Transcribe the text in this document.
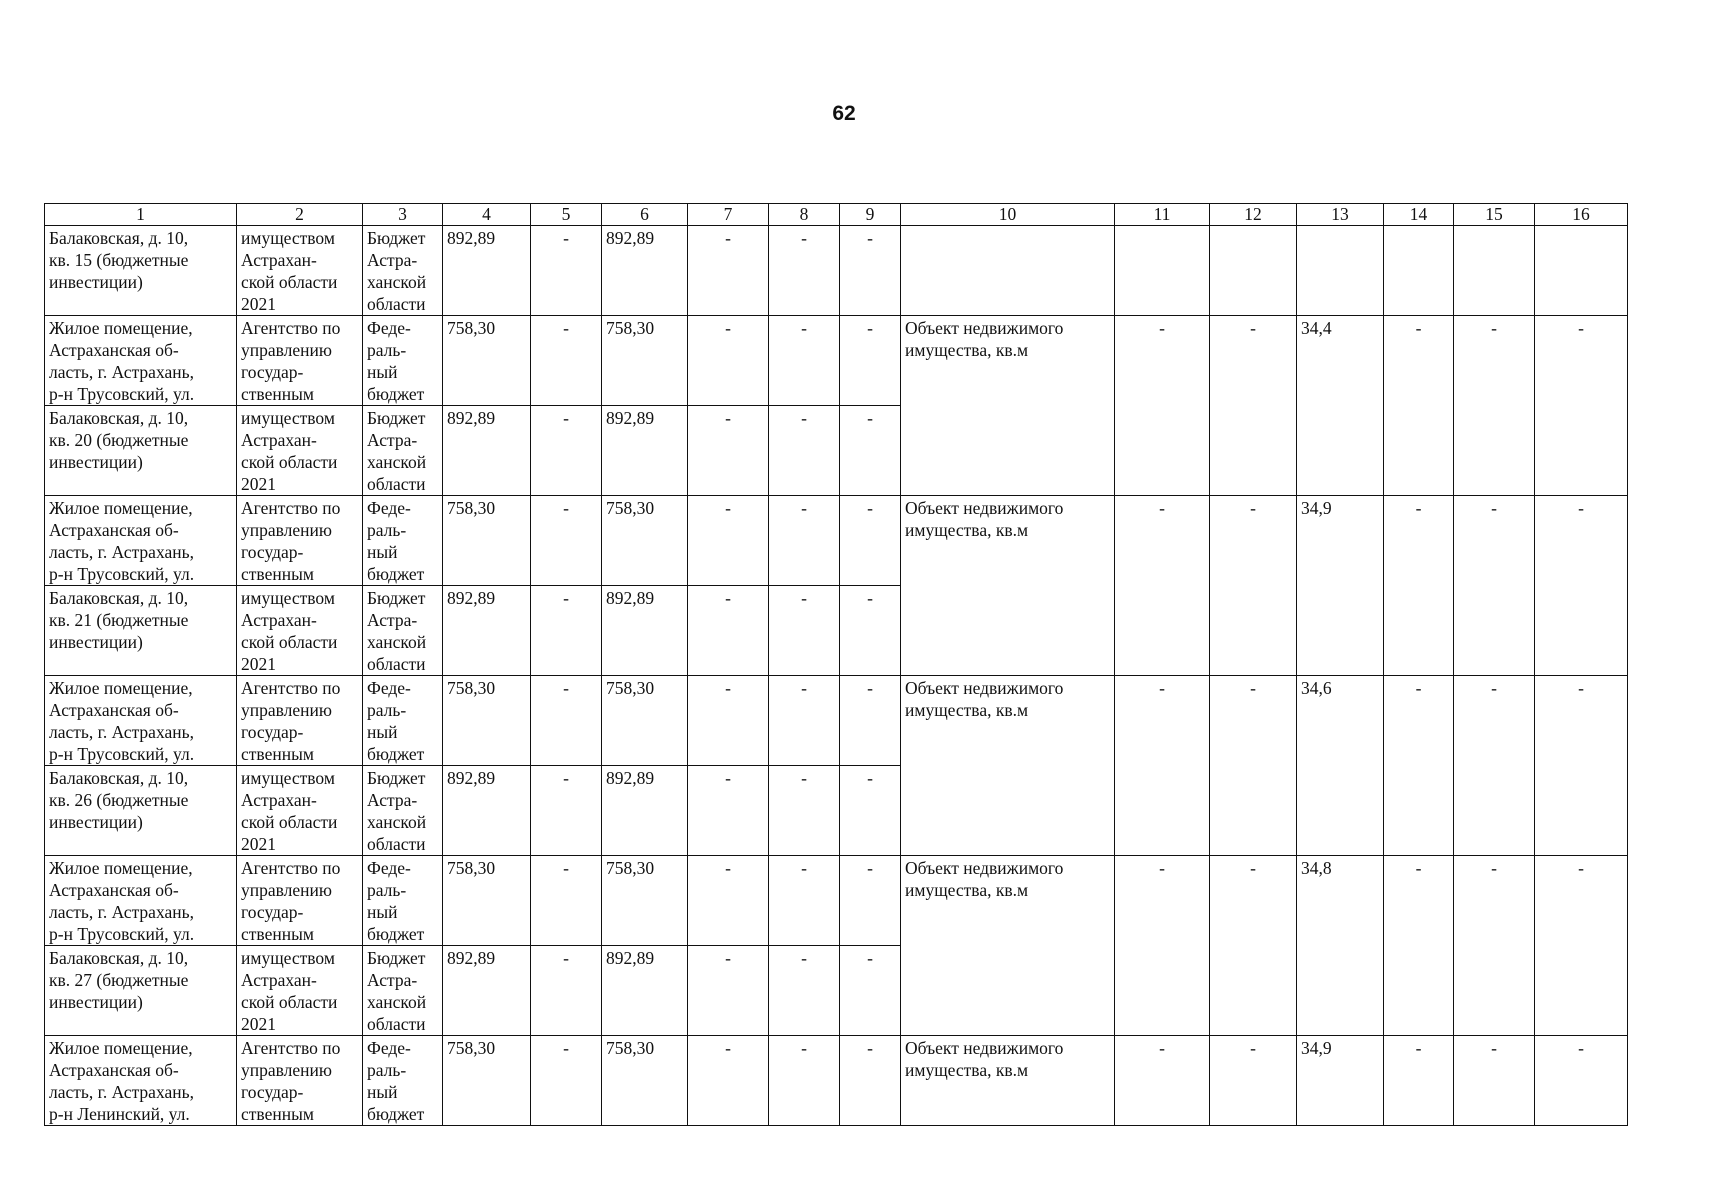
62
1	2	3	4	5	6	7	8	9	10	11	12	13	14	15	16
Балаковская, д. 10,
кв. 15 (бюджетные
инвестиции)	имуществом
Астрахан-
ской области
2021	Бюджет
Астра-
ханской
области	892,89	-	892,89	-	-	-							
Жилое помещение,
Астраханская об-
ласть, г. Астрахань,
р-н Трусовский, ул.	Агентство по
управлению
государ-
ственным	Феде-
раль-
ный
бюджет	758,30	-	758,30	-	-	-	Объект недвижимого
имущества, кв.м	-	-	34,4	-	-	-
Балаковская, д. 10,
кв. 20 (бюджетные
инвестиции)	имуществом
Астрахан-
ской области
2021	Бюджет
Астра-
ханской
области	892,89	-	892,89	-	-	-							
Жилое помещение,
Астраханская об-
ласть, г. Астрахань,
р-н Трусовский, ул.	Агентство по
управлению
государ-
ственным	Феде-
раль-
ный
бюджет	758,30	-	758,30	-	-	-	Объект недвижимого
имущества, кв.м	-	-	34,9	-	-	-
Балаковская, д. 10,
кв. 21 (бюджетные
инвестиции)	имуществом
Астрахан-
ской области
2021	Бюджет
Астра-
ханской
области	892,89	-	892,89	-	-	-							
Жилое помещение,
Астраханская об-
ласть, г. Астрахань,
р-н Трусовский, ул.	Агентство по
управлению
государ-
ственным	Феде-
раль-
ный
бюджет	758,30	-	758,30	-	-	-	Объект недвижимого
имущества, кв.м	-	-	34,6	-	-	-
Балаковская, д. 10,
кв. 26 (бюджетные
инвестиции)	имуществом
Астрахан-
ской области
2021	Бюджет
Астра-
ханской
области	892,89	-	892,89	-	-	-							
Жилое помещение,
Астраханская об-
ласть, г. Астрахань,
р-н Трусовский, ул.	Агентство по
управлению
государ-
ственным	Феде-
раль-
ный
бюджет	758,30	-	758,30	-	-	-	Объект недвижимого
имущества, кв.м	-	-	34,8	-	-	-
Балаковская, д. 10,
кв. 27 (бюджетные
инвестиции)	имуществом
Астрахан-
ской области
2021	Бюджет
Астра-
ханской
области	892,89	-	892,89	-	-	-							
Жилое помещение,
Астраханская об-
ласть, г. Астрахань,
р-н Ленинский, ул.	Агентство по
управлению
государ-
ственным	Феде-
раль-
ный
бюджет	758,30	-	758,30	-	-	-	Объект недвижимого
имущества, кв.м	-	-	34,9	-	-	-
